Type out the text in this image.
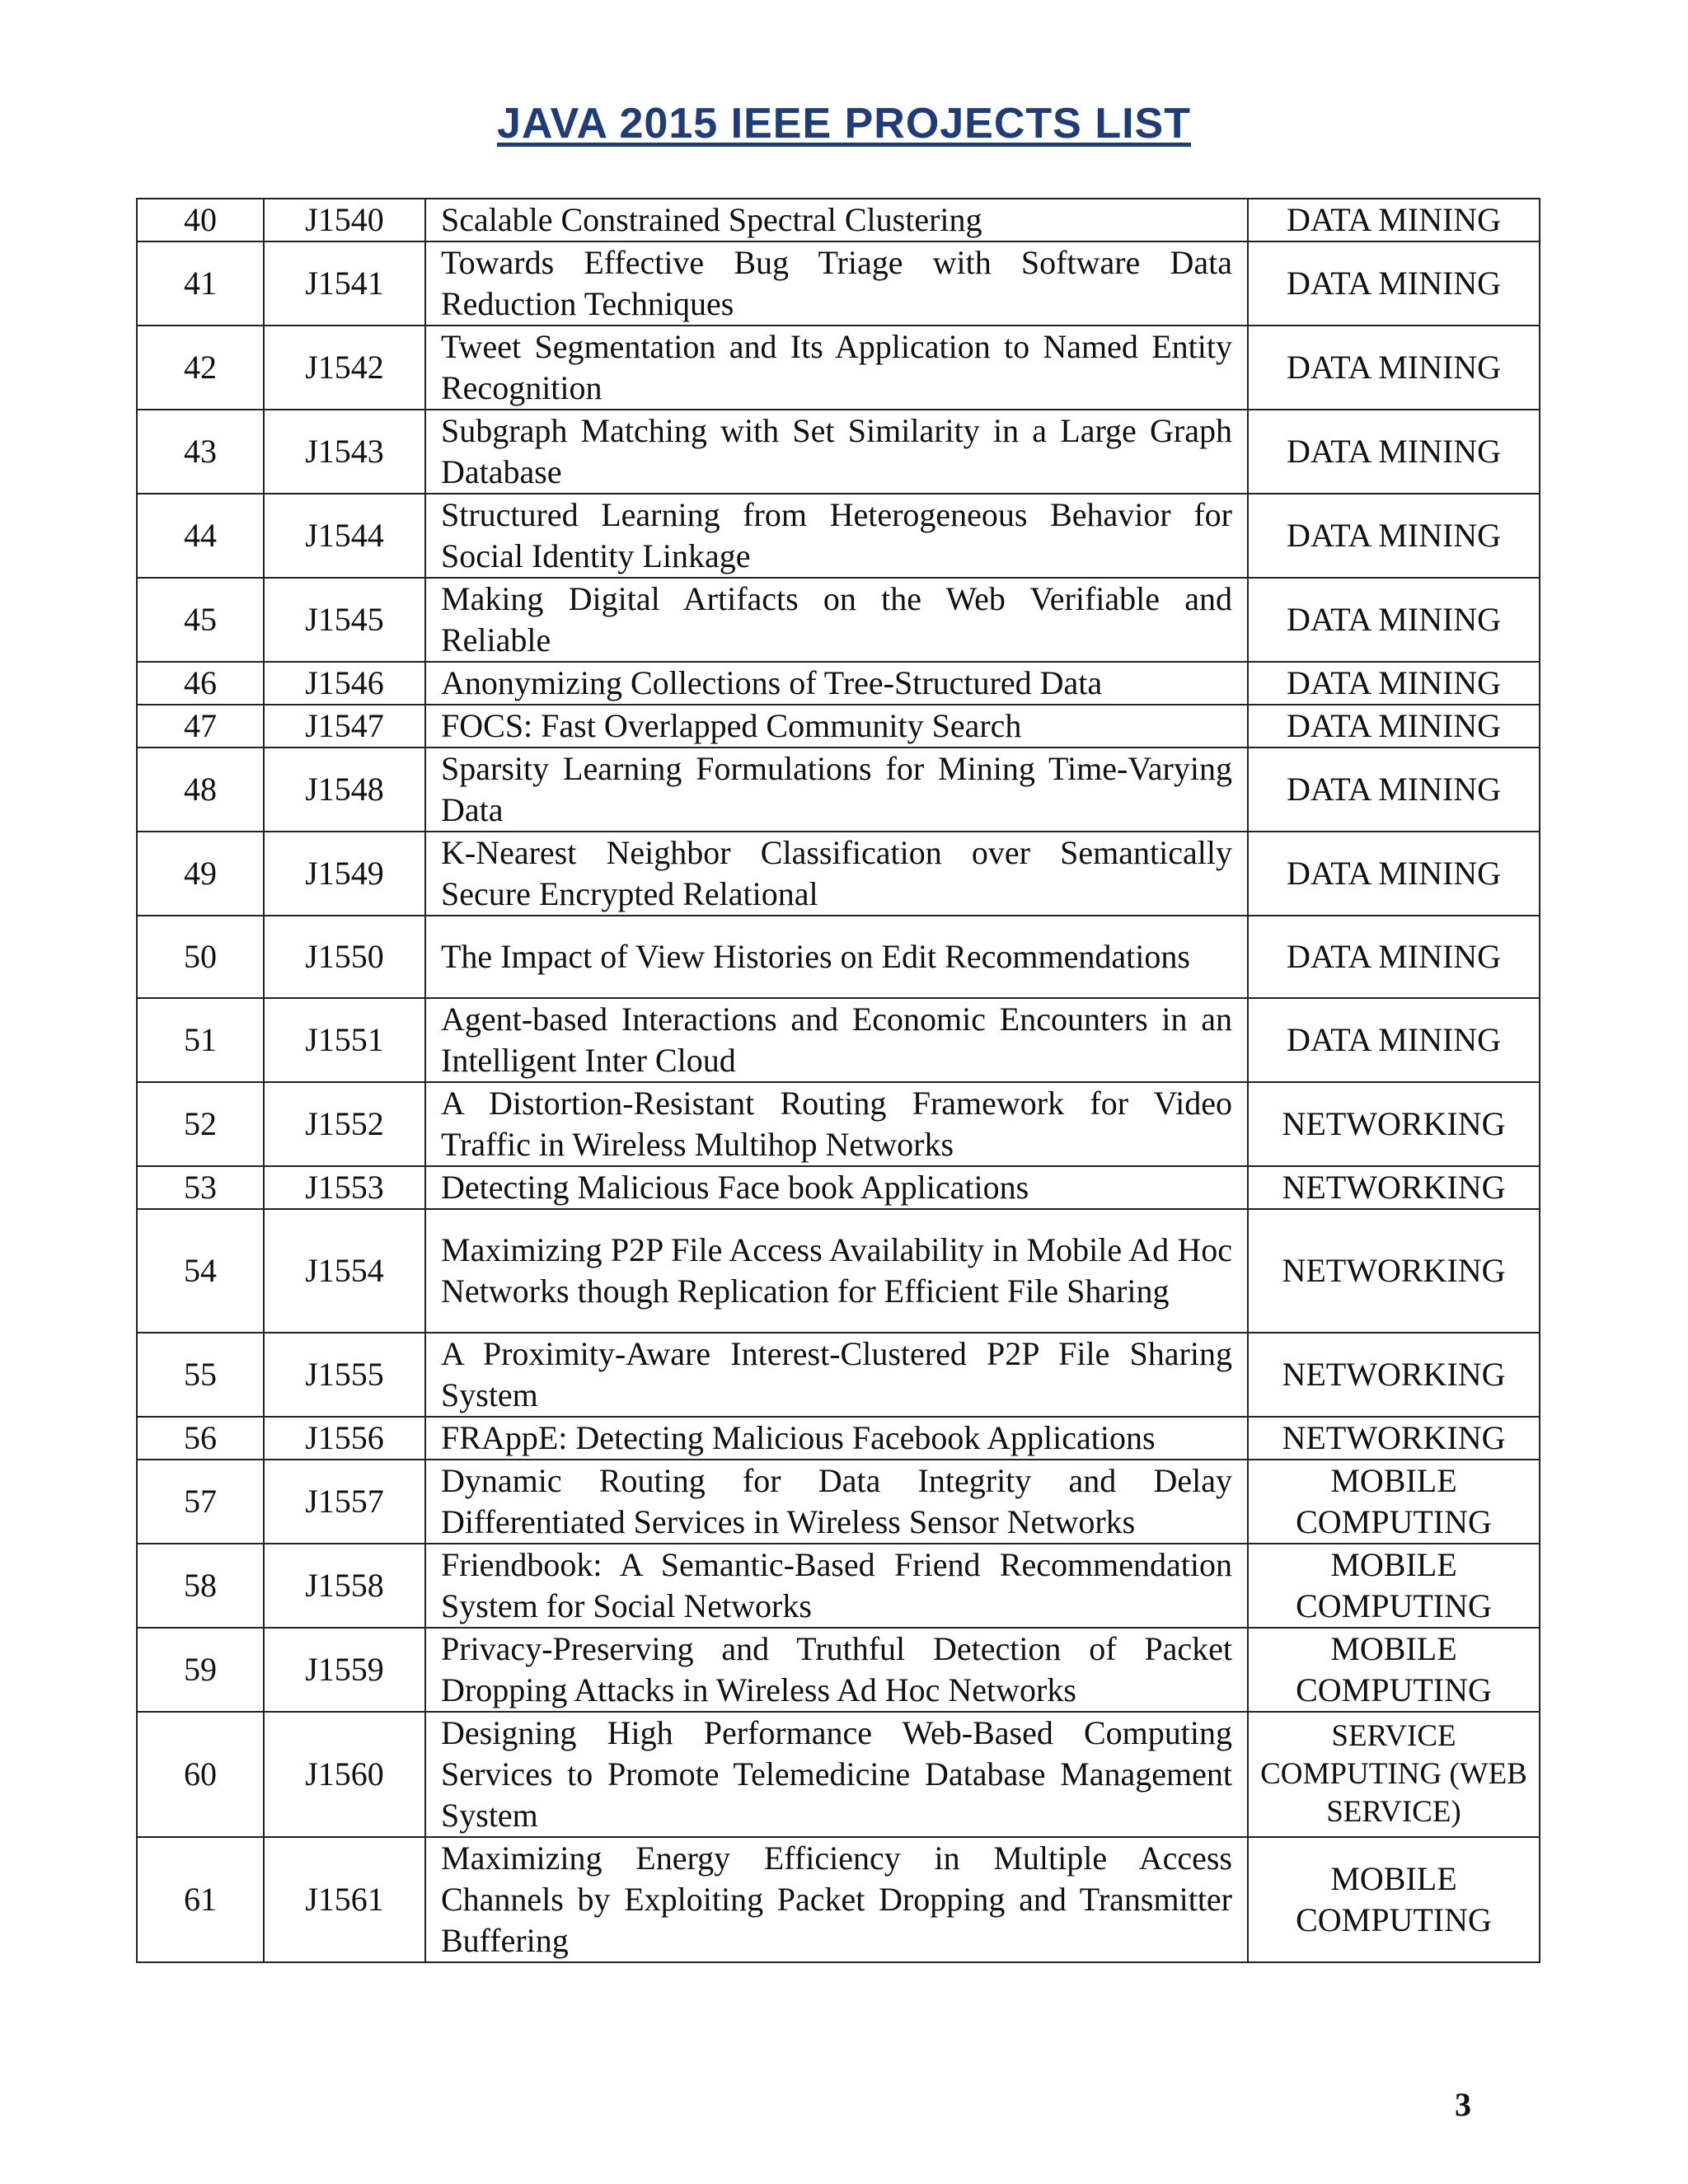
JAVA 2015 IEEE PROJECTS LIST
40	J1540	Scalable Constrained Spectral Clustering	DATA MINING
41	J1541	Towards Effective Bug Triage with Software Data Reduction Techniques	DATA MINING
42	J1542	Tweet Segmentation and Its Application to Named Entity Recognition	DATA MINING
43	J1543	Subgraph Matching with Set Similarity in a Large Graph Database	DATA MINING
44	J1544	Structured Learning from Heterogeneous Behavior for Social Identity Linkage	DATA MINING
45	J1545	Making Digital Artifacts on the Web Verifiable and Reliable	DATA MINING
46	J1546	Anonymizing Collections of Tree-Structured Data	DATA MINING
47	J1547	FOCS: Fast Overlapped Community Search	DATA MINING
48	J1548	Sparsity Learning Formulations for Mining Time-Varying Data	DATA MINING
49	J1549	K-Nearest Neighbor Classification over Semantically Secure Encrypted Relational	DATA MINING
50	J1550	The Impact of View Histories on Edit Recommendations	DATA MINING
51	J1551	Agent-based Interactions and Economic Encounters in an Intelligent Inter Cloud	DATA MINING
52	J1552	A Distortion-Resistant Routing Framework for Video Traffic in Wireless Multihop Networks	NETWORKING
53	J1553	Detecting Malicious Face book Applications	NETWORKING
54	J1554	Maximizing P2P File Access Availability in Mobile Ad Hoc Networks though Replication for Efficient File Sharing	NETWORKING
55	J1555	A Proximity-Aware Interest-Clustered P2P File Sharing System	NETWORKING
56	J1556	FRAppE: Detecting Malicious Facebook Applications	NETWORKING
57	J1557	Dynamic Routing for Data Integrity and Delay Differentiated Services in Wireless Sensor Networks	MOBILE COMPUTING
58	J1558	Friendbook: A Semantic-Based Friend Recommendation System for Social Networks	MOBILE COMPUTING
59	J1559	Privacy-Preserving and Truthful Detection of Packet Dropping Attacks in Wireless Ad Hoc Networks	MOBILE COMPUTING
60	J1560	Designing High Performance Web-Based Computing Services to Promote Telemedicine Database Management System	SERVICE COMPUTING (WEB SERVICE)
61	J1561	Maximizing Energy Efficiency in Multiple Access Channels by Exploiting Packet Dropping and Transmitter Buffering	MOBILE COMPUTING
3
